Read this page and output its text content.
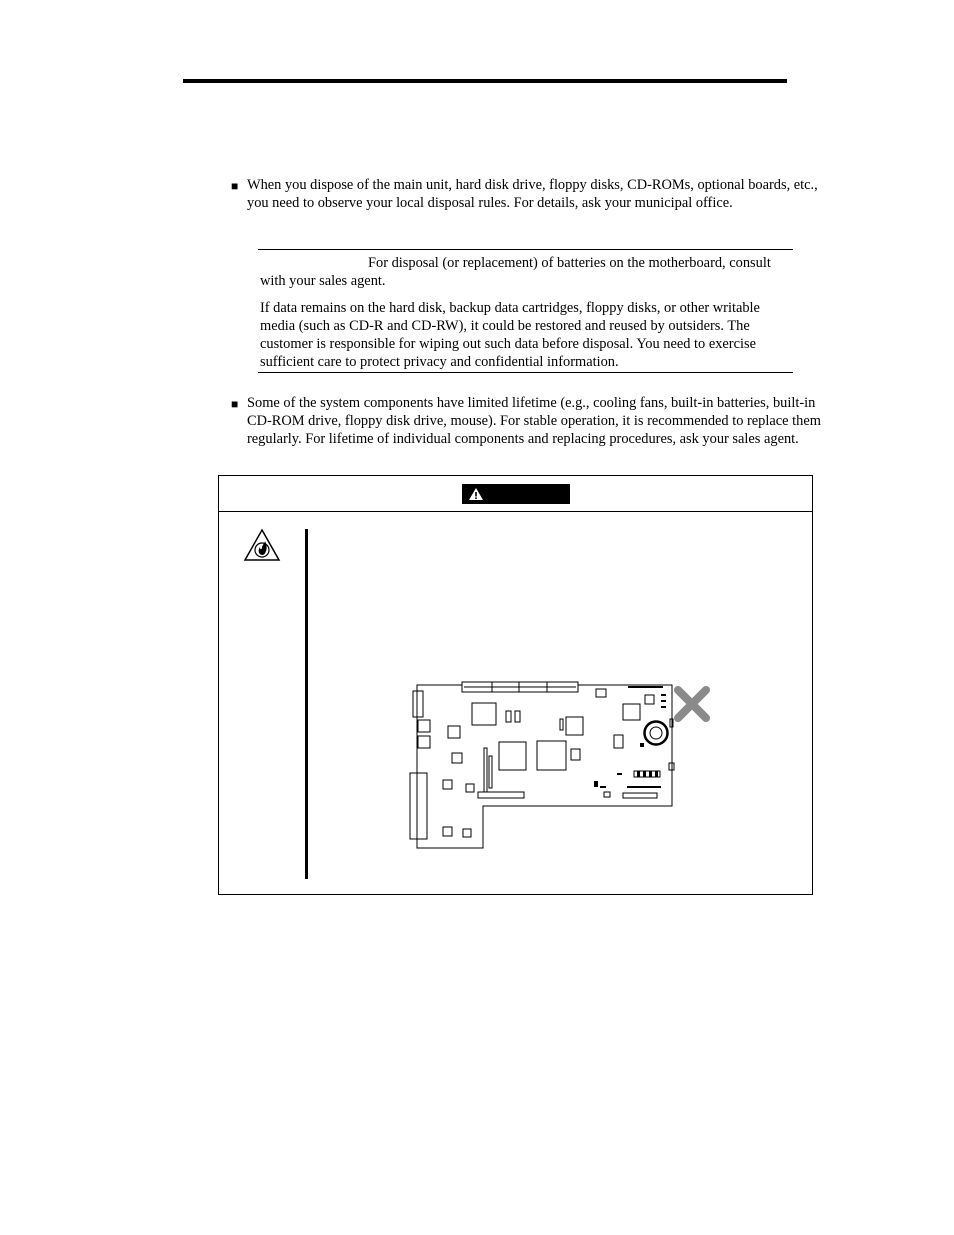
■ When you dispose of the main unit, hard disk drive, floppy disks, CD-ROMs, optional boards, etc., you need to observe your local disposal rules. For details, ask your municipal office.

For disposal (or replacement) of batteries on the motherboard, consult with your sales agent.

If data remains on the hard disk, backup data cartridges, floppy disks, or other writable media (such as CD-R and CD-RW), it could be restored and reused by outsiders. The customer is responsible for wiping out such data before disposal. You need to exercise sufficient care to protect privacy and confidential information.

■ Some of the system components have limited lifetime (e.g., cooling fans, built-in batteries, built-in CD-ROM drive, floppy disk drive, mouse). For stable operation, it is recommended to replace them regularly. For lifetime of individual components and replacing procedures, ask your sales agent.
